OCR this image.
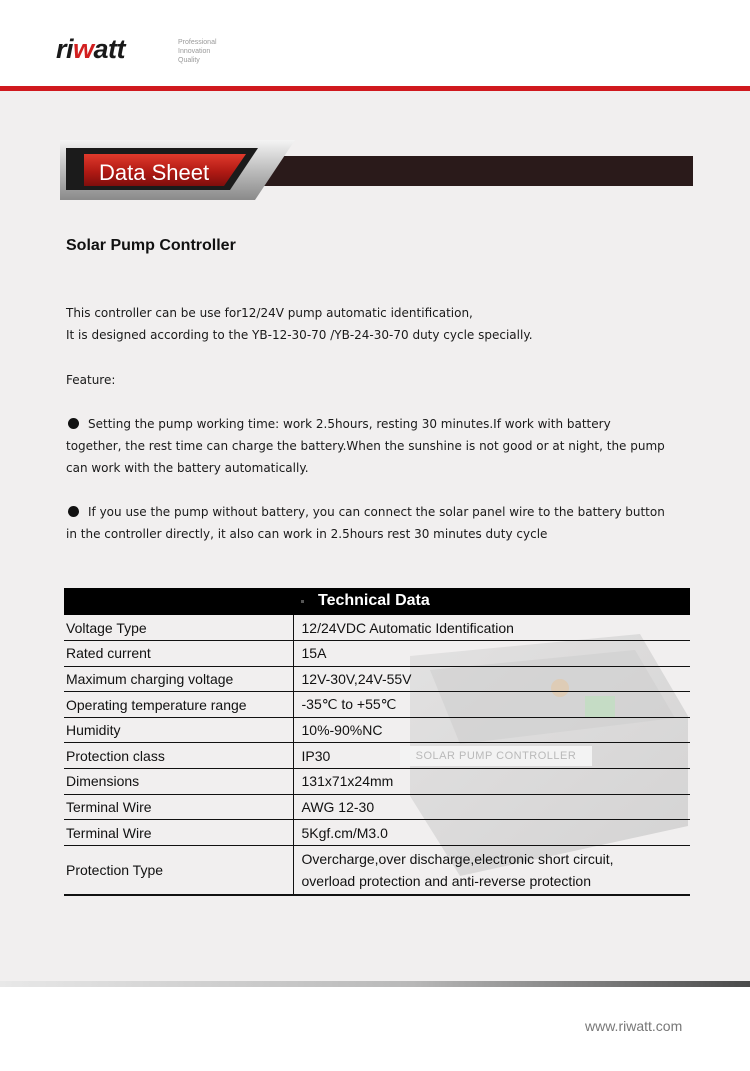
riwatt	Professional
Innovation
Quality
Data Sheet
Solar Pump Controller
This controller can be use for12/24V pump automatic identification,
It is designed according to the YB-12-30-70 /YB-24-30-70 duty cycle specially.
Feature:
Setting the pump working time: work 2.5hours, resting 30 minutes.If work with battery together, the rest time can charge the battery.When the sunshine is not good or at night, the pump can work with the battery automatically.
If you use the pump without battery, you can connect the solar panel wire to the battery button in the controller directly, it also can work in 2.5hours rest 30 minutes duty cycle
Technical Data
Voltage Type	12/24VDC Automatic Identification
Rated current	15A
Maximum charging voltage	12V-30V,24V-55V
Operating temperature range	-35℃ to +55℃
Humidity	10%-90%NC
Protection class	IP30
Dimensions	131x71x24mm
Terminal Wire	AWG 12-30
Terminal Wire	5Kgf.cm/M3.0
Protection Type	Overcharge,over discharge,electronic short circuit,
overload protection and anti-reverse protection
SOLAR PUMP CONTROLLER
www.riwatt.com
